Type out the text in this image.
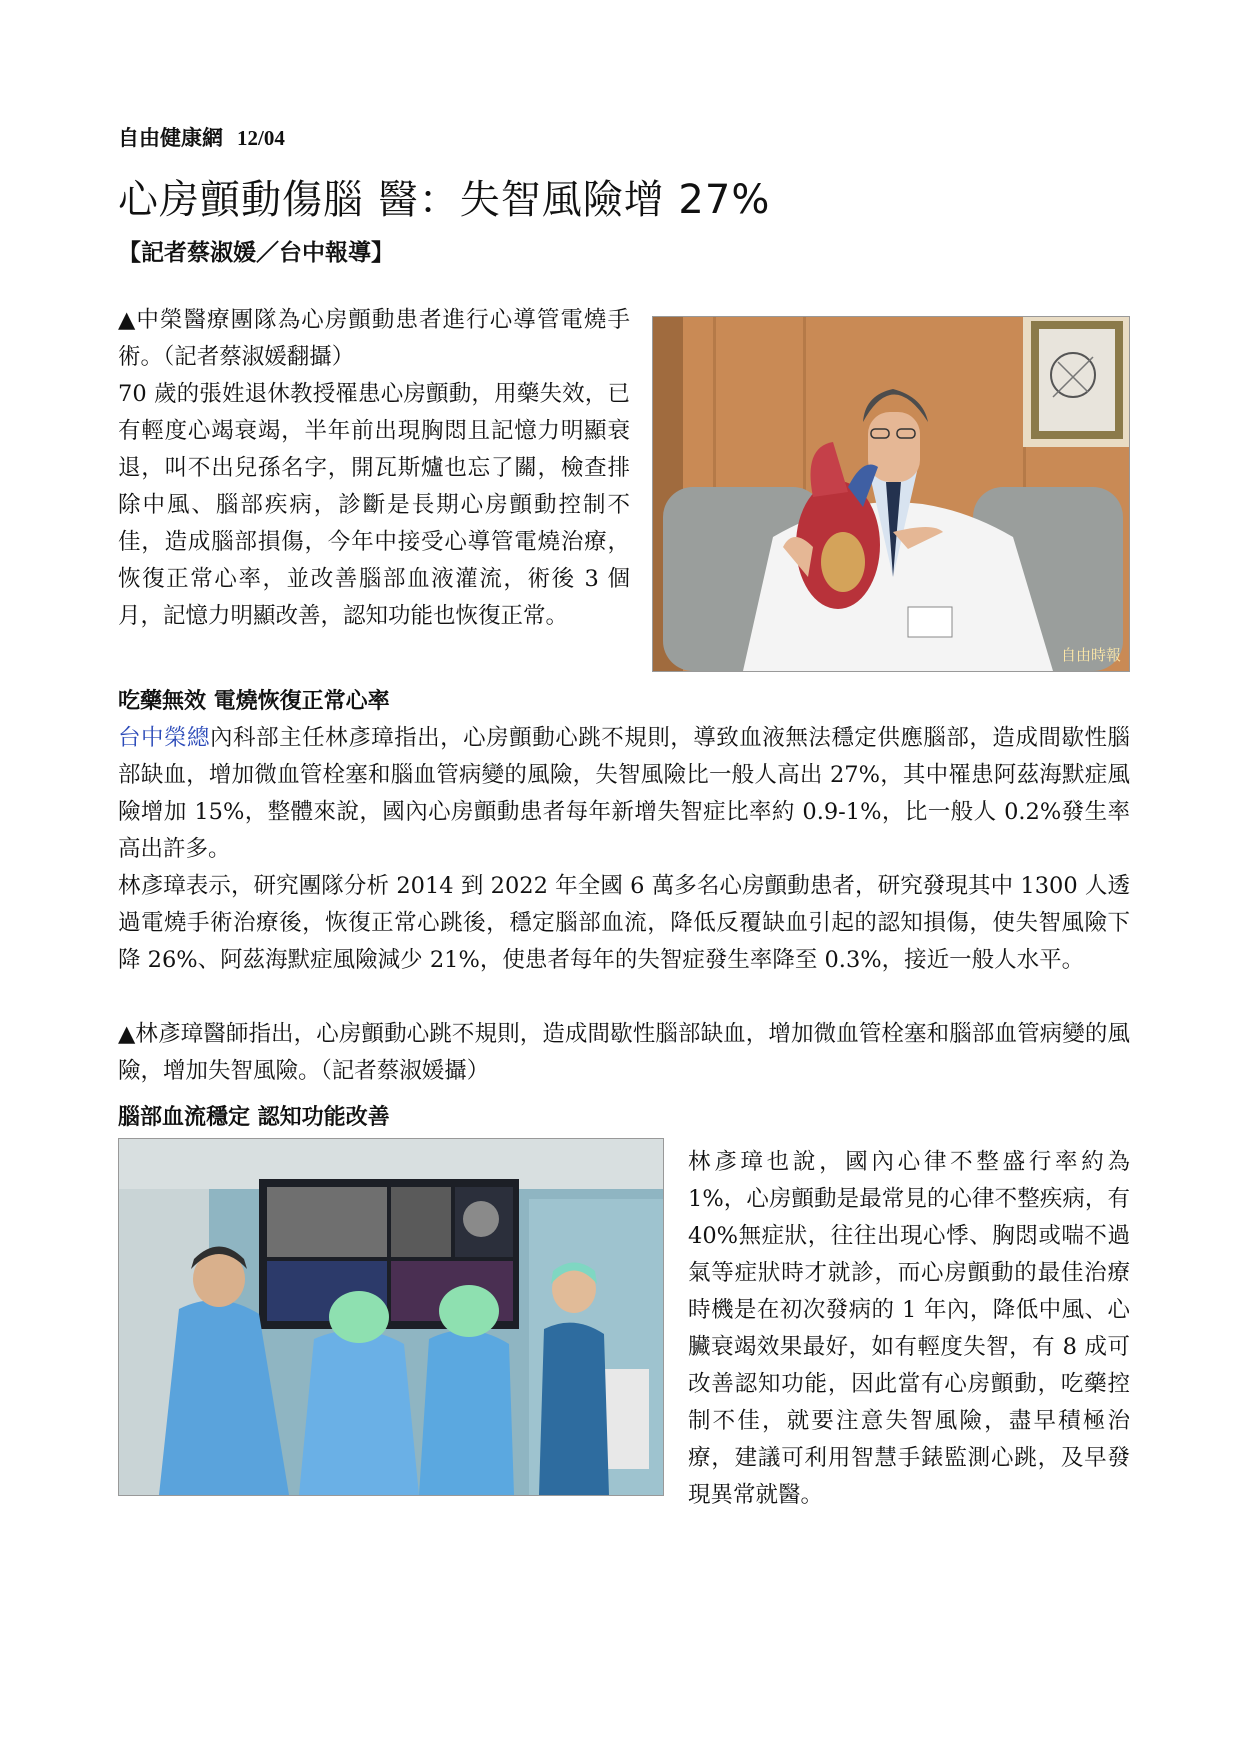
自由健康網 12/04
心房顫動傷腦 醫：失智風險增 27%
【記者蔡淑媛／台中報導】

▲中榮醫療團隊為心房顫動患者進行心導管電燒手術。（記者蔡淑媛翻攝）

70 歲的張姓退休教授罹患心房顫動，用藥失效，已有輕度心竭衰竭，半年前出現胸悶且記憶力明顯衰退，叫不出兒孫名字，開瓦斯爐也忘了關，檢查排除中風、腦部疾病，診斷是長期心房顫動控制不佳，造成腦部損傷，今年中接受心導管電燒治療，恢復正常心率，並改善腦部血液灌流，術後 3 個月，記憶力明顯改善，認知功能也恢復正常。

自由時報
吃藥無效 電燒恢復正常心率

台中榮總內科部主任林彥璋指出，心房顫動心跳不規則，導致血液無法穩定供應腦部，造成間歇性腦部缺血，增加微血管栓塞和腦血管病變的風險，失智風險比一般人高出 27%，其中罹患阿茲海默症風險增加 15%，整體來說，國內心房顫動患者每年新增失智症比率約 0.9-1%，比一般人 0.2%發生率高出許多。

林彥璋表示，研究團隊分析 2014 到 2022 年全國 6 萬多名心房顫動患者，研究發現其中 1300 人透過電燒手術治療後，恢復正常心跳後，穩定腦部血流，降低反覆缺血引起的認知損傷，使失智風險下降 26%、阿茲海默症風險減少 21%，使患者每年的失智症發生率降至 0.3%，接近一般人水平。

▲林彥璋醫師指出，心房顫動心跳不規則，造成間歇性腦部缺血，增加微血管栓塞和腦部血管病變的風險，增加失智風險。（記者蔡淑媛攝）

腦部血流穩定 認知功能改善

林彥璋也說，國內心律不整盛行率約為 1%，心房顫動是最常見的心律不整疾病，有 40%無症狀，往往出現心悸、胸悶或喘不過氣等症狀時才就診，而心房顫動的最佳治療時機是在初次發病的 1 年內，降低中風、心臟衰竭效果最好，如有輕度失智，有 8 成可改善認知功能，因此當有心房顫動，吃藥控制不佳，就要注意失智風險，盡早積極治療，建議可利用智慧手錶監測心跳，及早發現異常就醫。
